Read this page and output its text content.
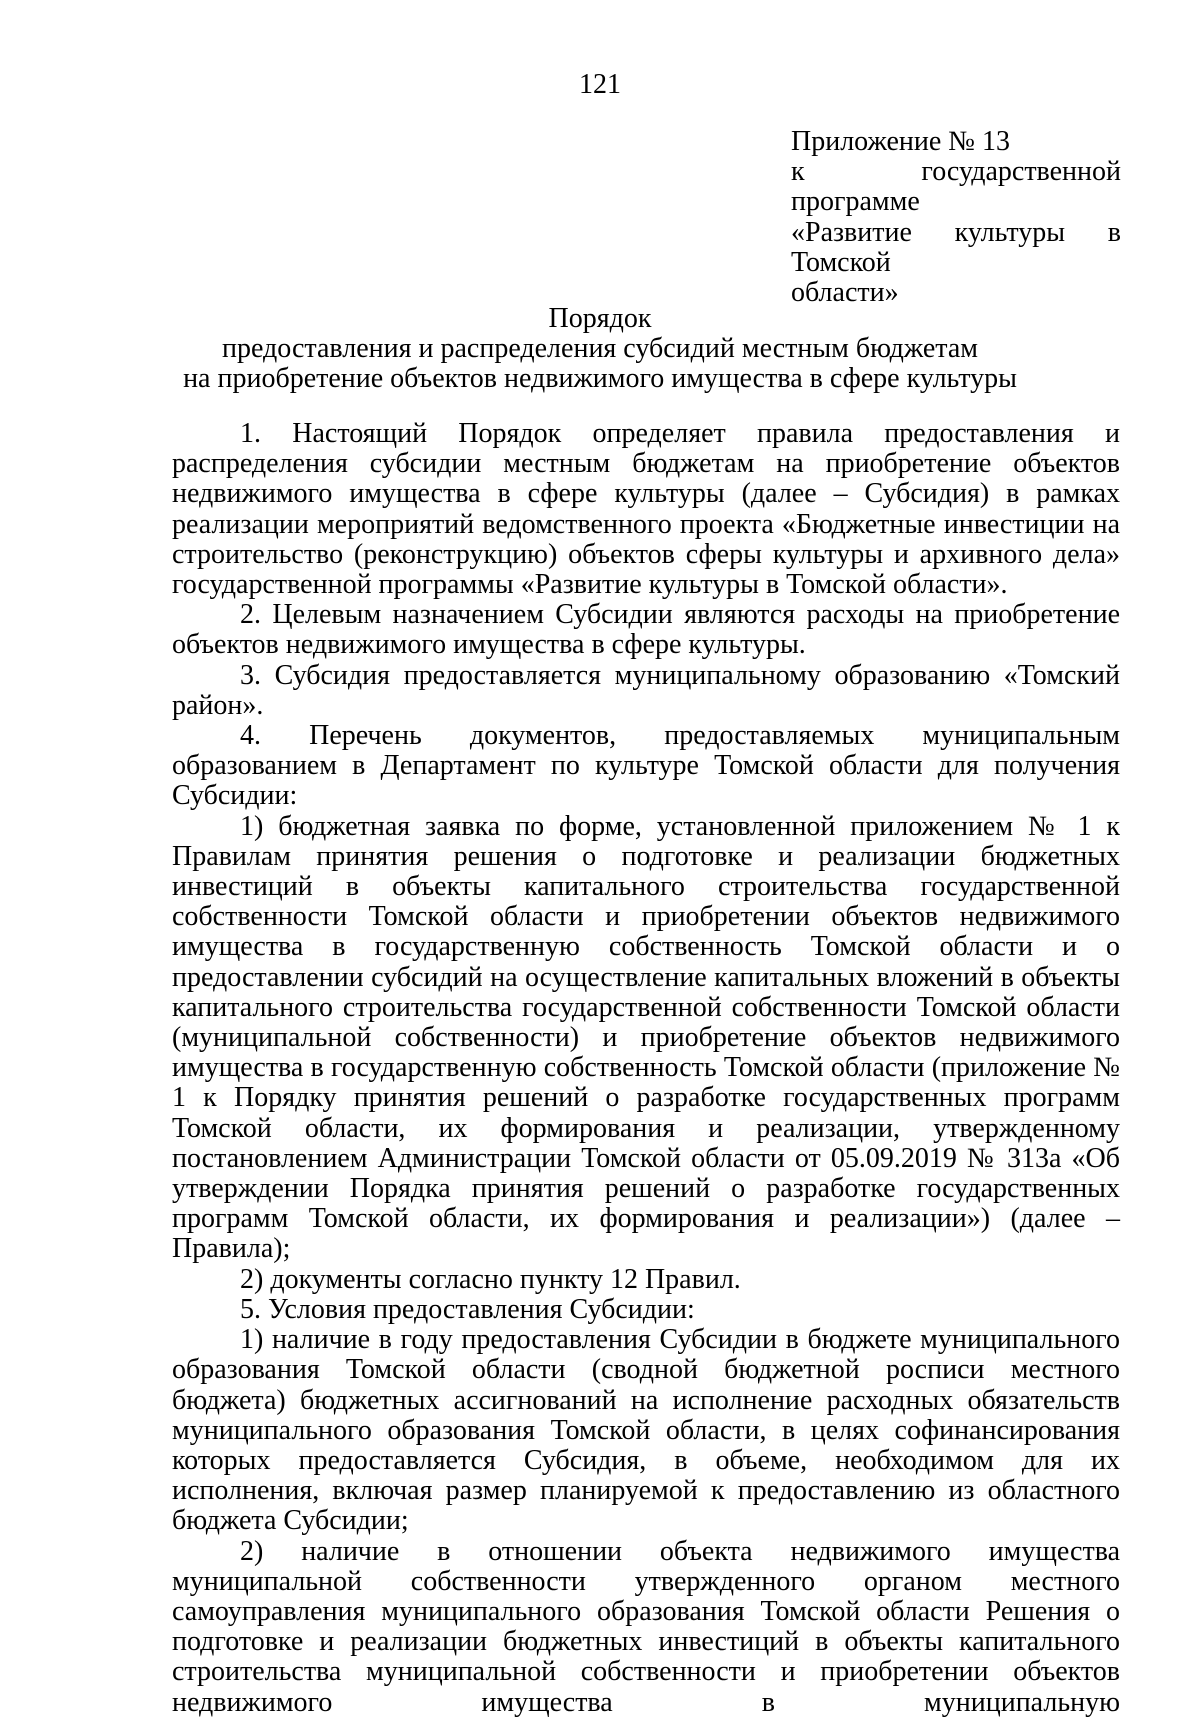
121
Приложение № 13
к государственной программе
«Развитие культуры в Томской
области»
Порядок
предоставления и распределения субсидий местным бюджетам
на приобретение объектов недвижимого имущества в сфере культуры

1. Настоящий Порядок определяет правила предоставления и распределения субсидии местным бюджетам на приобретение объектов недвижимого имущества в сфере культуры (далее – Субсидия) в рамках реализации мероприятий ведомственного проекта «Бюджетные инвестиции на строительство (реконструкцию) объектов сферы культуры и архивного дела» государственной программы «Развитие культуры в Томской области».

2. Целевым назначением Субсидии являются расходы на приобретение объектов недвижимого имущества в сфере культуры.

3. Субсидия предоставляется муниципальному образованию «Томский район».

4. Перечень документов, предоставляемых муниципальным образованием в Департамент по культуре Томской области для получения Субсидии:

1) бюджетная заявка по форме, установленной приложением № 1 к Правилам принятия решения о подготовке и реализации бюджетных инвестиций в объекты капитального строительства государственной собственности Томской области и приобретении объектов недвижимого имущества в государственную собственность Томской области и о предоставлении субсидий на осуществление капитальных вложений в объекты капитального строительства государственной собственности Томской области (муниципальной собственности) и приобретение объектов недвижимого имущества в государственную собственность Томской области (приложение № 1 к Порядку принятия решений о разработке государственных программ Томской области, их формирования и реализации, утвержденному постановлением Администрации Томской области от 05.09.2019 № 313а «Об утверждении Порядка принятия решений о разработке государственных программ Томской области, их формирования и реализации») (далее – Правила);

2) документы согласно пункту 12 Правил.

5. Условия предоставления Субсидии:

1) наличие в году предоставления Субсидии в бюджете муниципального образования Томской области (сводной бюджетной росписи местного бюджета) бюджетных ассигнований на исполнение расходных обязательств муниципального образования Томской области, в целях софинансирования которых предоставляется Субсидия, в объеме, необходимом для их исполнения, включая размер планируемой к предоставлению из областного бюджета Субсидии;

2) наличие в отношении объекта недвижимого имущества муниципальной собственности утвержденного органом местного самоуправления муниципального образования Томской области Решения о подготовке и реализации бюджетных инвестиций в объекты капитального строительства муниципальной собственности и приобретении объектов недвижимого имущества в муниципальную
